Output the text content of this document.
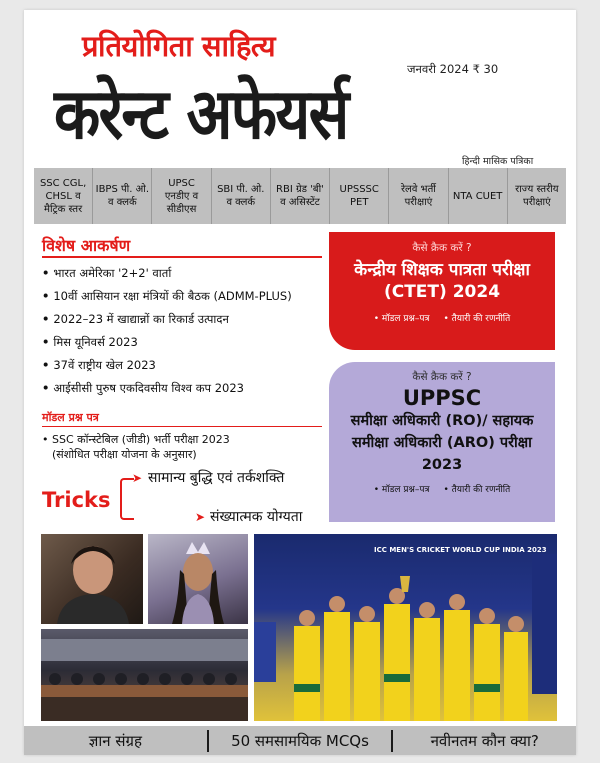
प्रतियोगिता साहित्य
जनवरी 2024 ₹ 30
करेन्ट अफेयर्स
हिन्दी मासिक पत्रिका
SSC CGL, CHSL व मैट्रिक स्तर
IBPS पी. ओ. व क्लर्क
UPSC एनडीए व सीडीएस
SBI पी. ओ. व क्लर्क
RBI ग्रेड 'बी' व असिस्टेंट
UPSSSC PET
रेलवे भर्ती परीक्षाएं
NTA CUET
राज्य स्तरीय परीक्षाएं
विशेष आकर्षण
• भारत अमेरिका '2+2' वार्ता
• 10वीं आसियान रक्षा मंत्रियों की बैठक (ADMM-PLUS)
• 2022–23 में खाद्यान्नों का रिकार्ड उत्पादन
• मिस यूनिवर्स 2023
• 37वें राष्ट्रीय खेल 2023
• आईसीसी पुरुष एकदिवसीय विश्व कप 2023
मॉडल प्रश्न पत्र
• SSC कॉन्स्टेबिल (जीडी) भर्ती परीक्षा 2023
(संशोधित परीक्षा योजना के अनुसार)
Tricks
➤
➤
सामान्य बुद्धि एवं तर्कशक्ति
संख्यात्मक योग्यता
कैसे क्रैक करें ?
केन्द्रीय शिक्षक पात्रता परीक्षा (CTET) 2024
• मॉडल प्रश्न–पत्र	• तैयारी की रणनीति
कैसे क्रैक करें ?
UPPSC
समीक्षा अधिकारी (RO)/ सहायक समीक्षा अधिकारी (ARO) परीक्षा 2023
• मॉडल प्रश्न–पत्र	• तैयारी की रणनीति
ICC MEN'S CRICKET WORLD CUP INDIA 2023
ज्ञान संग्रह	50 समसामयिक MCQs	नवीनतम कौन क्या?
